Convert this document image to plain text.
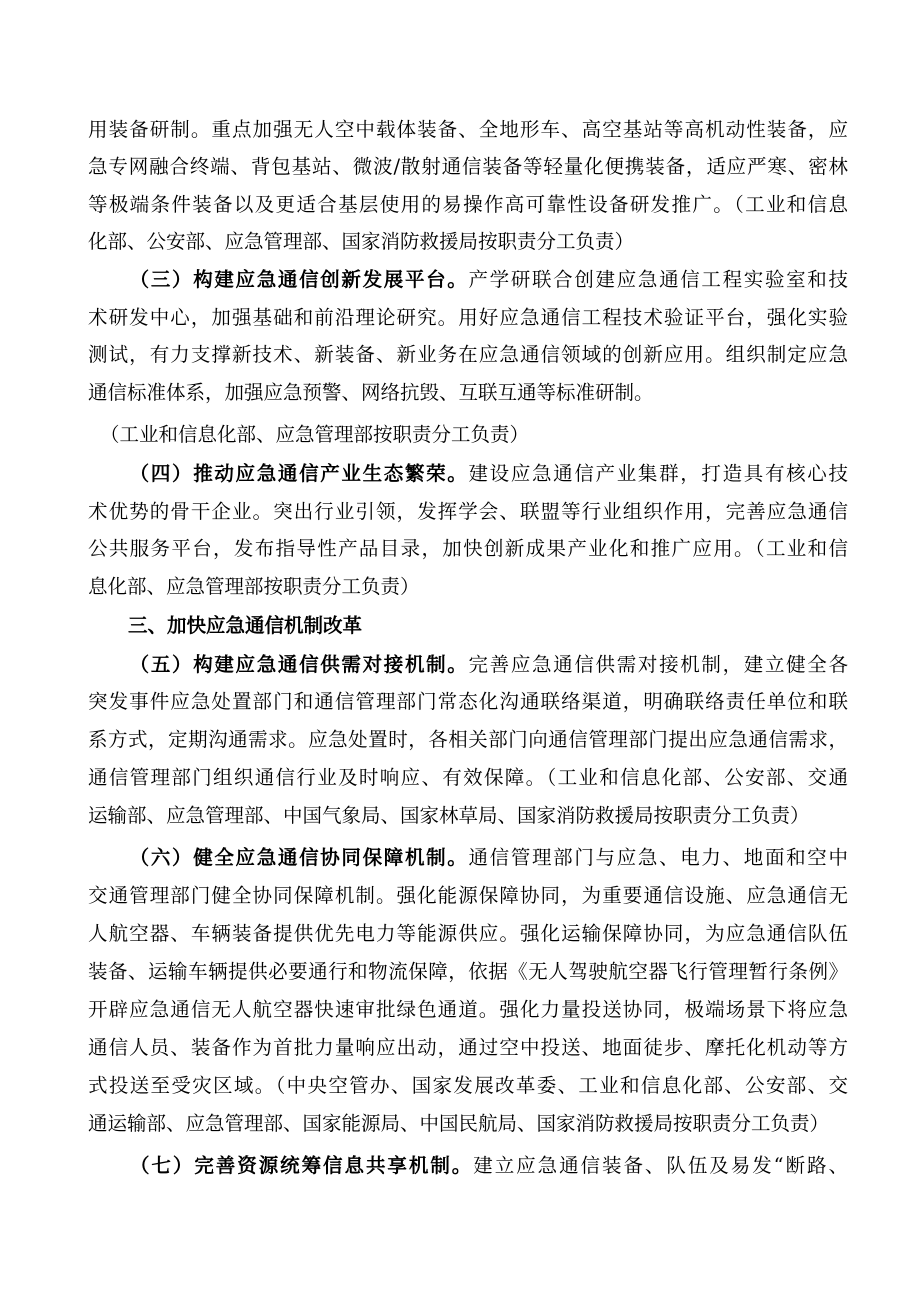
用装备研制。重点加强无人空中载体装备、全地形车、高空基站等高机动性装备，应
急专网融合终端、背包基站、微波/散射通信装备等轻量化便携装备，适应严寒、密林
等极端条件装备以及更适合基层使用的易操作高可靠性设备研发推广。（工业和信息
化部、公安部、应急管理部、国家消防救援局按职责分工负责）
（三）构建应急通信创新发展平台。产学研联合创建应急通信工程实验室和技
术研发中心，加强基础和前沿理论研究。用好应急通信工程技术验证平台，强化实验
测试，有力支撑新技术、新装备、新业务在应急通信领域的创新应用。组织制定应急
通信标准体系，加强应急预警、网络抗毁、互联互通等标准研制。
（工业和信息化部、应急管理部按职责分工负责）
（四）推动应急通信产业生态繁荣。建设应急通信产业集群，打造具有核心技
术优势的骨干企业。突出行业引领，发挥学会、联盟等行业组织作用，完善应急通信
公共服务平台，发布指导性产品目录，加快创新成果产业化和推广应用。（工业和信
息化部、应急管理部按职责分工负责）
三、加快应急通信机制改革
（五）构建应急通信供需对接机制。完善应急通信供需对接机制，建立健全各
突发事件应急处置部门和通信管理部门常态化沟通联络渠道，明确联络责任单位和联
系方式，定期沟通需求。应急处置时，各相关部门向通信管理部门提出应急通信需求，
通信管理部门组织通信行业及时响应、有效保障。（工业和信息化部、公安部、交通
运输部、应急管理部、中国气象局、国家林草局、国家消防救援局按职责分工负责）
（六）健全应急通信协同保障机制。通信管理部门与应急、电力、地面和空中
交通管理部门健全协同保障机制。强化能源保障协同，为重要通信设施、应急通信无
人航空器、车辆装备提供优先电力等能源供应。强化运输保障协同，为应急通信队伍
装备、运输车辆提供必要通行和物流保障，依据《无人驾驶航空器飞行管理暂行条例》
开辟应急通信无人航空器快速审批绿色通道。强化力量投送协同，极端场景下将应急
通信人员、装备作为首批力量响应出动，通过空中投送、地面徒步、摩托化机动等方
式投送至受灾区域。（中央空管办、国家发展改革委、工业和信息化部、公安部、交
通运输部、应急管理部、国家能源局、中国民航局、国家消防救援局按职责分工负责）
（七）完善资源统筹信息共享机制。建立应急通信装备、队伍及易发“断路、
